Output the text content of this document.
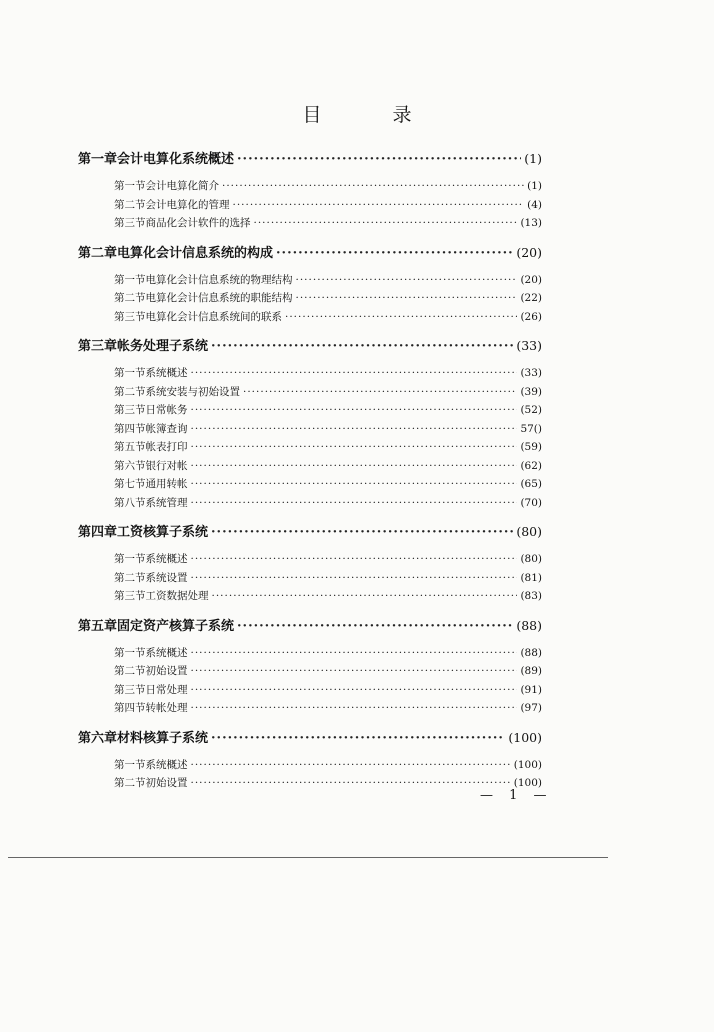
目　录
第一章 会计电算化系统概述 ·····	(1)
第一节 会计电算化简介 ·····	(1)
第二节 会计电算化的管理 ·····	(4)
第三节 商品化会计软件的选择 ·····	(13)
第二章 电算化会计信息系统的构成 ·····	(20)
第一节 电算化会计信息系统的物理结构 ·····	(20)
第二节 电算化会计信息系统的职能结构 ·····	(22)
第三节 电算化会计信息系统间的联系 ·····	(26)
第三章 帐务处理子系统 ·····	(33)
第一节 系统概述 ·····	(33)
第二节 系统安装与初始设置 ·····	(39)
第三节 日常帐务 ·····	(52)
第四节 帐簿查询 ·····	57()
第五节 帐表打印 ·····	(59)
第六节 银行对帐 ·····	(62)
第七节 通用转帐 ·····	(65)
第八节 系统管理 ·····	(70)
第四章 工资核算子系统 ·····	(80)
第一节 系统概述 ·····	(80)
第二节 系统设置 ·····	(81)
第三节 工资数据处理 ·····	(83)
第五章 固定资产核算子系统 ·····	(88)
第一节 系统概述 ·····	(88)
第二节 初始设置 ·····	(89)
第三节 日常处理 ·····	(91)
第四节 转帐处理 ·····	(97)
第六章 材料核算子系统 ·····	(100)
第一节 系统概述 ·····	(100)
第二节 初始设置 ·····	(100)
— 1 —
